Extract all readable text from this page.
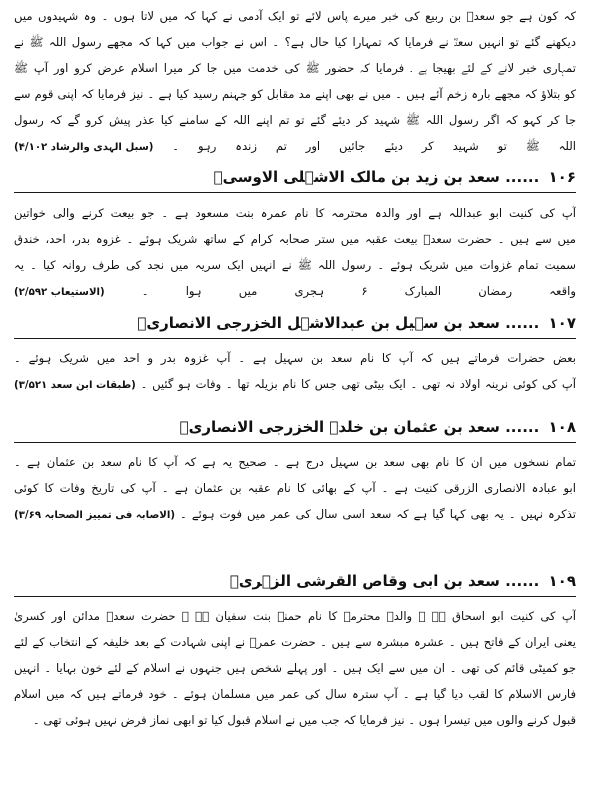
کہ کون ہے جو سعدؓ بن ربیع کی خبر میرے پاس لائے تو ایک آدمی نے کہا کہ میں لاتا ہوں ۔ وہ شہیدوں میں
دیکھنے گئے تو انہیں سعدؓ نے فرمایا کہ تمہارا کیا حال ہے؟ ۔ اس نے جواب میں کہا کہ مجھے رسول اللہ ﷺ نے
تمہاری خبر لانے کے لئے بھیجا ہے ۔ فرمایا کہ حضور ﷺ کی خدمت میں جا کر میرا اسلام عرض کرو اور آپ ﷺ
کو بتلاؤ کہ مجھے بارہ زخم آئے ہیں ۔ میں نے بھی اپنے مد مقابل کو جہنم رسید کیا ہے ۔ نیز فرمایا کہ اپنی قوم سے
جا کر کہو کہ اگر رسول اللہ ﷺ شہید کر دیئے گئے تو تم اپنے اللہ کے سامنے کیا عذر پیش کرو گے کہ رسول
اللہ ﷺ تو شہید کر دیئے جائیں اور تم زندہ رہو ۔ (سبل الہدی والرشاد ۴/۱۰۲)
۱۰۶ ...... سعد بن زید بن مالک الاشہلی الاوسیؓ
آپ کی کنیت ابو عبداللہ ہے اور والدہ محترمہ کا نام عمرہ بنت مسعود ہے ۔ جو بیعت کرنے والی خواتین
میں سے ہیں ۔ حضرت سعدؓ بیعت عقبہ میں ستر صحابہ کرام کے ساتھ شریک ہوئے ۔ غزوہ بدر، احد، خندق
سمیت تمام غزوات میں شریک ہوئے ۔ رسول اللہ ﷺ نے انہیں ایک سریہ میں نجد کی طرف روانہ کیا ۔ یہ
واقعہ رمضان المبارک ۶ ہجری میں ہوا ۔ (الاستیعاب ۲/۵۹۲)
۱۰۷ ...... سعد بن سہیل بن عبدالاشہل الخزرجی الانصاریؓ
بعض حضرات فرماتے ہیں کہ آپ کا نام سعد بن سہیل ہے ۔ آپ غزوہ بدر و احد میں شریک ہوئے ۔
آپ کی کوئی نرینہ اولاد نہ تھی ۔ ایک بیٹی تھی جس کا نام بزیلہ تھا ۔ وفات ہو گئیں ۔ (طبقات ابن سعد ۳/۵۲۱)
۱۰۸ ...... سعد بن عثمان بن خلدۃ الخزرجی الانصاریؓ
تمام نسخوں میں ان کا نام بھی سعد بن سہیل درج ہے ۔ صحیح یہ ہے کہ آپ کا نام سعد بن عثمان ہے ۔
ابو عبادہ الانصاری الزرقی کنیت ہے ۔ آپ کے بھائی کا نام عقبہ بن عثمان ہے ۔ آپ کی تاریخ وفات کا کوئی
تذکرہ نہیں ۔ یہ بھی کہا گیا ہے کہ سعد اسی سال کی عمر میں فوت ہوئے ۔ (الاصابہ فی تمییز الصحابہ ۳/۶۹)
۱۰۹ ...... سعد بن ابی وقاص القرشی الزہریؓ
آپ کی کنیت ابو اسحاق ہے ۔ والدہ محترمہ کا نام حمنہ بنت سفیان ہے ۔ حضرت سعدؓ مدائن اور کسریٰ
یعنی ایران کے فاتح ہیں ۔ عشرہ مبشرہ سے ہیں ۔ حضرت عمرؓ نے اپنی شہادت کے بعد خلیفہ کے انتخاب کے لئے
جو کمیٹی قائم کی تھی ۔ ان میں سے ایک ہیں ۔ اور پہلے شخص ہیں جنہوں نے اسلام کے لئے خون بہایا ۔ انہیں
فارس الاسلام کا لقب دیا گیا ہے ۔ آپ سترہ سال کی عمر میں مسلمان ہوئے ۔ خود فرماتے ہیں کہ میں اسلام
قبول کرنے والوں میں تیسرا ہوں ۔ نیز فرمایا کہ جب میں نے اسلام قبول کیا تو ابھی نماز فرض نہیں ہوئی تھی ۔
